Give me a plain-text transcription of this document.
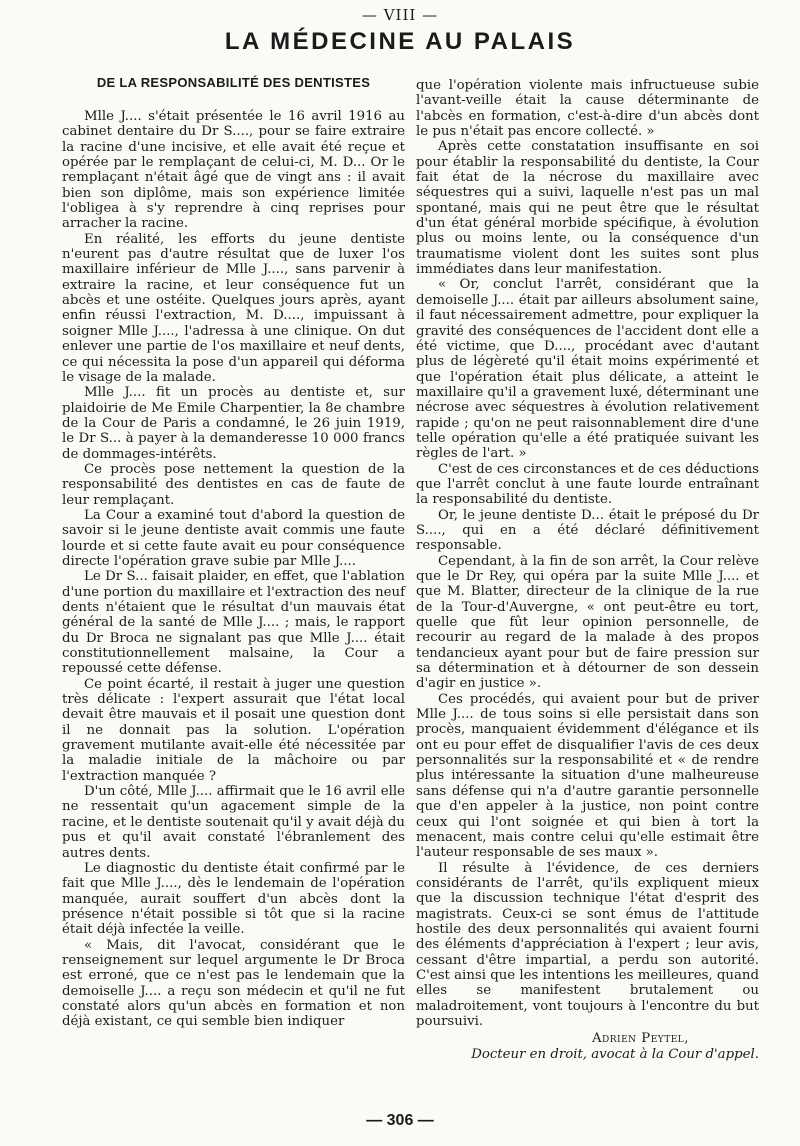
— VIII —
LA MÉDECINE AU PALAIS
DE LA RESPONSABILITÉ DES DENTISTES

Mlle J.... s'était présentée le 16 avril 1916 au cabinet dentaire du Dr S...., pour se faire extraire la racine d'une incisive, et elle avait été reçue et opérée par le remplaçant de celui-ci, M. D... Or le remplaçant n'était âgé que de vingt ans : il avait bien son diplôme, mais son expérience limitée l'obligea à s'y reprendre à cinq reprises pour arracher la racine.

En réalité, les efforts du jeune dentiste n'eurent pas d'autre résultat que de luxer l'os maxillaire inférieur de Mlle J...., sans parvenir à extraire la racine, et leur conséquence fut un abcès et une ostéite. Quelques jours après, ayant enfin réussi l'extraction, M. D...., impuissant à soigner Mlle J...., l'adressa à une clinique. On dut enlever une partie de l'os maxillaire et neuf dents, ce qui nécessita la pose d'un appareil qui déforma le visage de la malade.

Mlle J.... fit un procès au dentiste et, sur plaidoirie de Me Emile Charpentier, la 8e chambre de la Cour de Paris a condamné, le 26 juin 1919, le Dr S... à payer à la demanderesse 10 000 francs de dommages-intérêts.

Ce procès pose nettement la question de la responsabilité des dentistes en cas de faute de leur remplaçant.

La Cour a examiné tout d'abord la question de savoir si le jeune dentiste avait commis une faute lourde et si cette faute avait eu pour conséquence directe l'opération grave subie par Mlle J....

Le Dr S... faisait plaider, en effet, que l'ablation d'une portion du maxillaire et l'extraction des neuf dents n'étaient que le résultat d'un mauvais état général de la santé de Mlle J.... ; mais, le rapport du Dr Broca ne signalant pas que Mlle J.... était constitutionnellement malsaine, la Cour a repoussé cette défense.

Ce point écarté, il restait à juger une question très délicate : l'expert assurait que l'état local devait être mauvais et il posait une question dont il ne donnait pas la solution. L'opération gravement mutilante avait-elle été nécessitée par la maladie initiale de la mâchoire ou par l'extraction manquée ?

D'un côté, Mlle J.... affirmait que le 16 avril elle ne ressentait qu'un agacement simple de la racine, et le dentiste soutenait qu'il y avait déjà du pus et qu'il avait constaté l'ébranlement des autres dents.

Le diagnostic du dentiste était confirmé par le fait que Mlle J...., dès le lendemain de l'opération manquée, aurait souffert d'un abcès dont la présence n'était possible si tôt que si la racine était déjà infectée la veille.

« Mais, dit l'avocat, considérant que le renseignement sur lequel argumente le Dr Broca est erroné, que ce n'est pas le lendemain que la demoiselle J.... a reçu son médecin et qu'il ne fut constaté alors qu'un abcès en formation et non déjà existant, ce qui semble bien indiquer

que l'opération violente mais infructueuse subie l'avant-veille était la cause déterminante de l'abcès en formation, c'est-à-dire d'un abcès dont le pus n'était pas encore collecté. »

Après cette constatation insuffisante en soi pour établir la responsabilité du dentiste, la Cour fait état de la nécrose du maxillaire avec séquestres qui a suivi, laquelle n'est pas un mal spontané, mais qui ne peut être que le résultat d'un état général morbide spécifique, à évolution plus ou moins lente, ou la conséquence d'un traumatisme violent dont les suites sont plus immédiates dans leur manifestation.

« Or, conclut l'arrêt, considérant que la demoiselle J.... était par ailleurs absolument saine, il faut nécessairement admettre, pour expliquer la gravité des conséquences de l'accident dont elle a été victime, que D...., procédant avec d'autant plus de légèreté qu'il était moins expérimenté et que l'opération était plus délicate, a atteint le maxillaire qu'il a gravement luxé, déterminant une nécrose avec séquestres à évolution relativement rapide ; qu'on ne peut raisonnablement dire d'une telle opération qu'elle a été pratiquée suivant les règles de l'art. »

C'est de ces circonstances et de ces déductions que l'arrêt conclut à une faute lourde entraînant la responsabilité du dentiste.

Or, le jeune dentiste D... était le préposé du Dr S...., qui en a été déclaré définitivement responsable.

Cependant, à la fin de son arrêt, la Cour relève que le Dr Rey, qui opéra par la suite Mlle J.... et que M. Blatter, directeur de la clinique de la rue de la Tour-d'Auvergne, « ont peut-être eu tort, quelle que fût leur opinion personnelle, de recourir au regard de la malade à des propos tendancieux ayant pour but de faire pression sur sa détermination et à détourner de son dessein d'agir en justice ».

Ces procédés, qui avaient pour but de priver Mlle J.... de tous soins si elle persistait dans son procès, manquaient évidemment d'élégance et ils ont eu pour effet de disqualifier l'avis de ces deux personnalités sur la responsabilité et « de rendre plus intéressante la situation d'une malheureuse sans défense qui n'a d'autre garantie personnelle que d'en appeler à la justice, non point contre ceux qui l'ont soignée et qui bien à tort la menacent, mais contre celui qu'elle estimait être l'auteur responsable de ses maux ».

Il résulte à l'évidence, de ces derniers considérants de l'arrêt, qu'ils expliquent mieux que la discussion technique l'état d'esprit des magistrats. Ceux-ci se sont émus de l'attitude hostile des deux personnalités qui avaient fourni des éléments d'appréciation à l'expert ; leur avis, cessant d'être impartial, a perdu son autorité. C'est ainsi que les intentions les meilleures, quand elles se manifestent brutalement ou maladroitement, vont toujours à l'encontre du but poursuivi.

Adrien Peytel,
Docteur en droit, avocat à la Cour d'appel.
— 306 —
